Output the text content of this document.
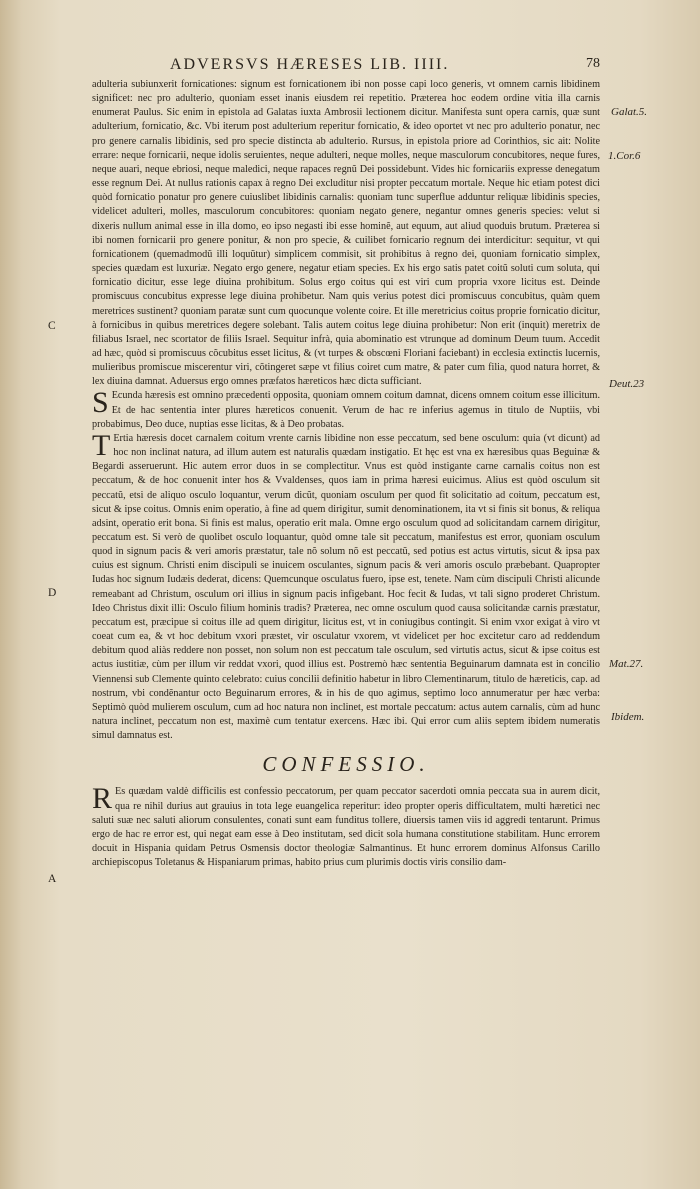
ADVERSVS HÆRESES LIB. IIII.	78
Galat.5.
1.Cor.6
Deut.23
Mat.27.
Ibidem.
C
D
A

adulteria subiunxerit fornicationes: signum est fornicationem ibi non posse capi loco generis, vt omnem carnis libidinem significet: nec pro adulterio, quoniam esset inanis eiusdem rei repetitio. Præterea hoc eodem ordine vitia illa carnis enumerat Paulus. Sic enim in epistola ad Galatas iuxta Ambrosii lectionem dicitur. Manifesta sunt opera carnis, quæ sunt adulterium, fornicatio, &c. Vbi iterum post adulterium reperitur fornicatio, & ideo oportet vt nec pro adulterio ponatur, nec pro genere carnalis libidinis, sed pro specie distincta ab adulterio. Rursus, in epistola priore ad Corinthios, sic ait: Nolite errare: neque fornicarii, neque idolis seruientes, neque adulteri, neque molles, neque masculorum concubitores, neque fures, neque auari, neque ebriosi, neque maledici, neque rapaces regnũ Dei possidebunt. Vides hic fornicariis expresse denegatum esse regnum Dei. At nullus rationis capax à regno Dei excluditur nisi propter peccatum mortale. Neque hic etiam potest dici quòd fornicatio ponatur pro genere cuiuslibet libidinis carnalis: quoniam tunc superflue adduntur reliquæ libidinis species, videlicet adulteri, molles, masculorum concubitores: quoniam negato genere, negantur omnes generis species: velut si dixeris nullum animal esse in illa domo, eo ipso negasti ibi esse hominẽ, aut equum, aut aliud quoduis brutum. Præterea si ibi nomen fornicarii pro genere ponitur, & non pro specie, & cuilibet fornicario regnum dei interdicitur: sequitur, vt qui fornicationem (quemadmodũ illi loquũtur) simplicem commisit, sit prohibitus à regno dei, quoniam fornicatio simplex, species quædam est luxuriæ. Negato ergo genere, negatur etiam species. Ex his ergo satis patet coitũ soluti cum soluta, qui fornicatio dicitur, esse lege diuina prohibitum. Solus ergo coitus qui est viri cum propria vxore licitus est. Deinde promiscuus concubitus expresse lege diuina prohibetur. Nam quis verius potest dici promiscuus concubitus, quàm quem meretrices sustinent? quoniam paratæ sunt cum quocunque volente coire. Et ille meretricius coitus proprie fornicatio dicitur, à fornicibus in quibus meretrices degere solebant. Talis autem coitus lege diuina prohibetur: Non erit (inquit) meretrix de filiabus Israel, nec scortator de filiis Israel. Sequitur infrà, quia abominatio est vtrunque ad dominum Deum tuum. Accedit ad hæc, quòd si promiscuus cõcubitus esset licitus, & (vt turpes & obscœni Floriani faciebant) in ecclesia extinctis lucernis, mulieribus promiscue miscerentur viri, cõtingeret sæpe vt filius coiret cum matre, & pater cum filia, quod natura horret, & lex diuina damnat. Aduersus ergo omnes præfatos hæreticos hæc dicta sufficiant.

S Ecunda hæresis est omnino præcedenti opposita, quoniam omnem coitum damnat, dicens omnem coitum esse illicitum. Et de hac sententia inter plures hæreticos conuenit. Verum de hac re inferius agemus in titulo de Nuptiis, vbi probabimus, Deo duce, nuptias esse licitas, & à Deo probatas.

T Ertia hæresis docet carnalem coitum vrente carnis libidine non esse peccatum, sed bene osculum: quia (vt dicunt) ad hoc non inclinat natura, ad illum autem est naturalis quædam instigatio. Et hęc est vna ex hæresibus quas Beguinæ & Begardi asseruerunt. Hic autem error duos in se complectitur. Vnus est quòd instigante carne carnalis coitus non est peccatum, & de hoc conuenit inter hos & Vvaldenses, quos iam in prima hæresi euicimus. Alius est quòd osculum sit peccatũ, etsi de aliquo osculo loquantur, verum dicũt, quoniam osculum per quod fit solicitatio ad coitum, peccatum est, sicut & ipse coitus. Omnis enim operatio, à fine ad quem dirigitur, sumit denominationem, ita vt si finis sit bonus, & reliqua adsint, operatio erit bona. Si finis est malus, operatio erit mala. Omne ergo osculum quod ad solicitandam carnem dirigitur, peccatum est. Si verò de quolibet osculo loquantur, quòd omne tale sit peccatum, manifestus est error, quoniam osculum quod in signum pacis & veri amoris præstatur, tale nõ solum nõ est peccatũ, sed potius est actus virtutis, sicut & ipsa pax cuius est signum. Christi enim discipuli se inuicem osculantes, signum pacis & veri amoris osculo præbebant. Quapropter Iudas hoc signum Iudæis dederat, dicens: Quemcunque osculatus fuero, ipse est, tenete. Nam cùm discipuli Christi alicunde remeabant ad Christum, osculum ori illius in signum pacis infigebant. Hoc fecit & Iudas, vt tali signo proderet Christum. Ideo Christus dixit illi: Osculo filium hominis tradis? Præterea, nec omne osculum quod causa solicitandæ carnis præstatur, peccatum est, præcipue si coitus ille ad quem dirigitur, licitus est, vt in coniugibus contingit. Si enim vxor exigat à viro vt coeat cum ea, & vt hoc debitum vxori præstet, vir osculatur vxorem, vt videlicet per hoc excitetur caro ad reddendum debitum quod aliàs reddere non posset, non solum non est peccatum tale osculum, sed virtutis actus, sicut & ipse coitus est actus iustitiæ, cùm per illum vir reddat vxori, quod illius est. Postremò hæc sententia Beguinarum damnata est in concilio Viennensi sub Clemente quinto celebrato: cuius concilii definitio habetur in libro Clementinarum, titulo de hæreticis, cap. ad nostrum, vbi condẽnantur octo Beguinarum errores, & in his de quo agimus, septimo loco annumeratur per hæc verba: Septimò quòd mulierem osculum, cum ad hoc natura non inclinet, est mortale peccatum: actus autem carnalis, cùm ad hunc natura inclinet, peccatum non est, maximè cum tentatur exercens. Hæc ibi. Qui error cum aliis septem ibidem numeratis simul damnatus est.

CONFESSIO.

R Es quædam valdè difficilis est confessio peccatorum, per quam peccator sacerdoti omnia peccata sua in aurem dicit, qua re nihil durius aut grauius in tota lege euangelica reperitur: ideo propter operis difficultatem, multi hæretici nec saluti suæ nec saluti aliorum consulentes, conati sunt eam funditus tollere, diuersis tamen viis id aggredi tentarunt. Primus ergo de hac re error est, qui negat eam esse à Deo institutam, sed dicit sola humana constitutione stabilitam. Hunc errorem docuit in Hispania quidam Petrus Osmensis doctor theologiæ Salmantinus. Et hunc errorem dominus Alfonsus Carillo archiepiscopus Toletanus & Hispaniarum primas, habito prius cum plurimis doctis viris consilio dam-
